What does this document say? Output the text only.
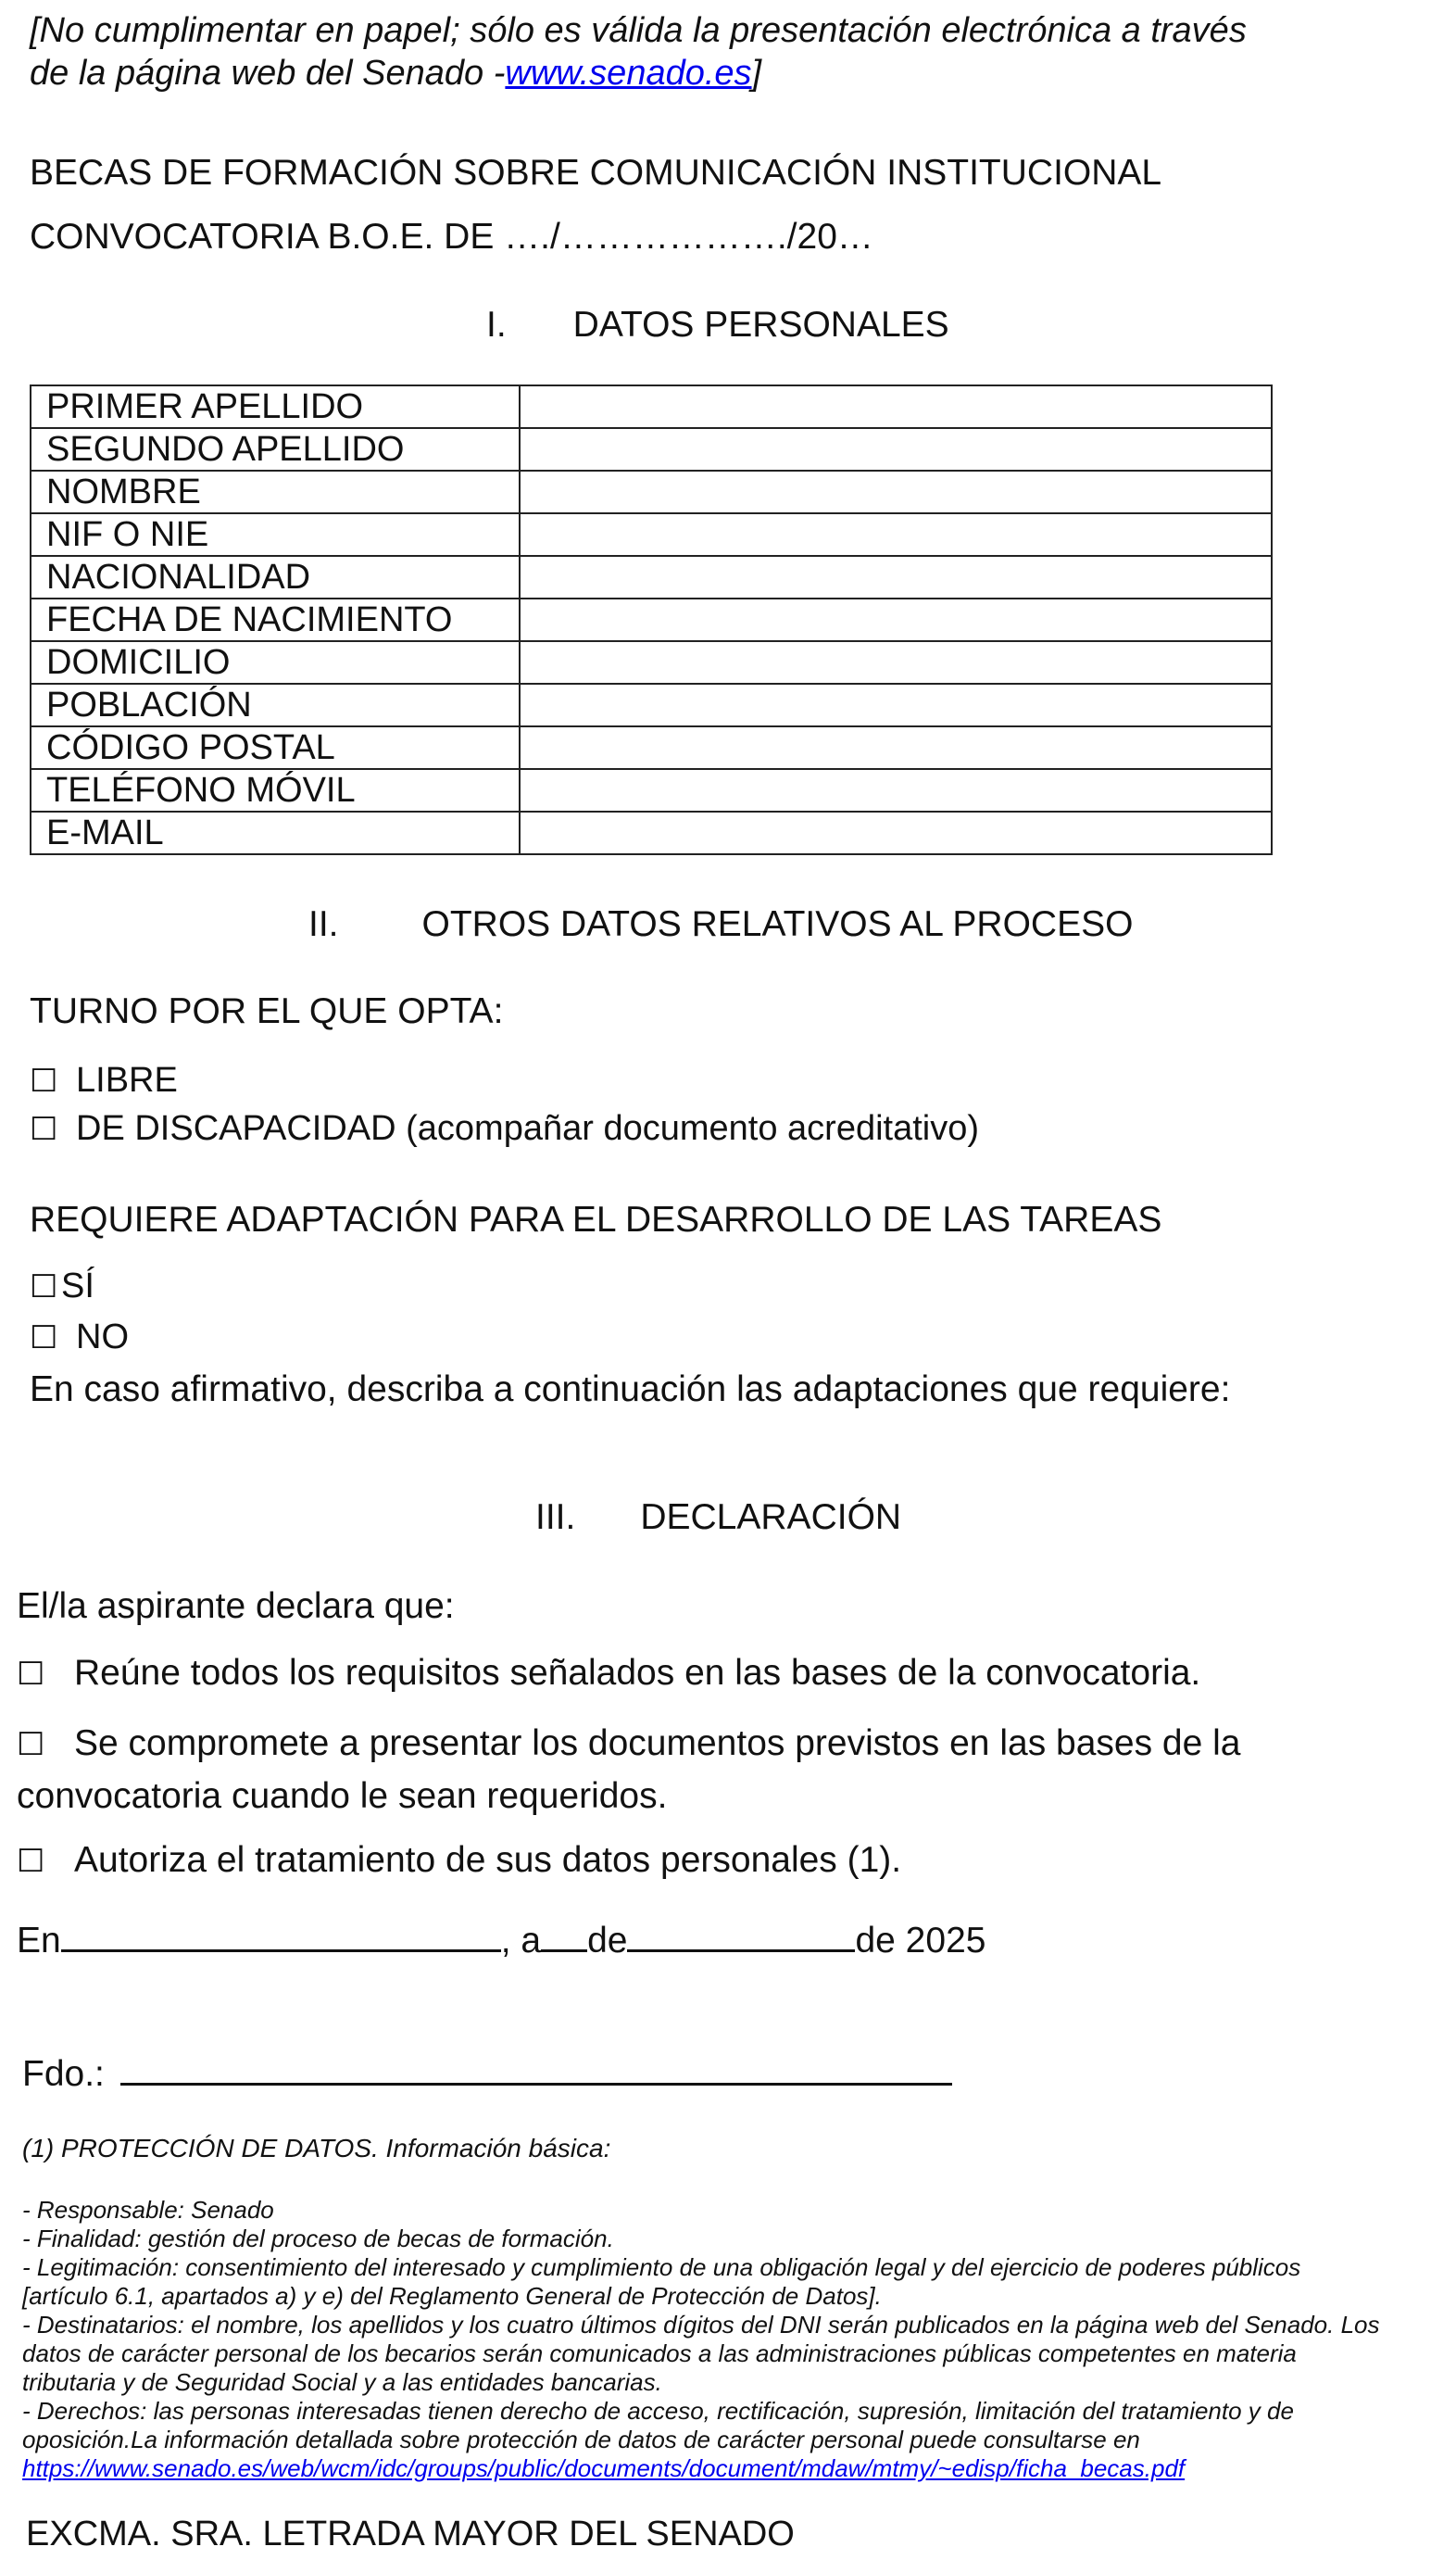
[No cumplimentar en papel; sólo es válida la presentación electrónica a través
de la página web del Senado -www.senado.es]
BECAS DE FORMACIÓN SOBRE COMUNICACIÓN INSTITUCIONAL
CONVOCATORIA B.O.E. DE …./………………./20…
I. DATOS PERSONALES
PRIMER APELLIDO	
SEGUNDO APELLIDO	
NOMBRE	
NIF O NIE	
NACIONALIDAD	
FECHA DE NACIMIENTO	
DOMICILIO	
POBLACIÓN	
CÓDIGO POSTAL	
TELÉFONO MÓVIL	
E-MAIL	
II. OTROS DATOS RELATIVOS AL PROCESO
TURNO POR EL QUE OPTA:
☐ LIBRE
☐ DE DISCAPACIDAD (acompañar documento acreditativo)
REQUIERE ADAPTACIÓN PARA EL DESARROLLO DE LAS TAREAS
☐SÍ
☐ NO
En caso afirmativo, describa a continuación las adaptaciones que requiere:
III. DECLARACIÓN
El/la aspirante declara que:
☐ Reúne todos los requisitos señalados en las bases de la convocatoria.
☐ Se compromete a presentar los documentos previstos en las bases de la
convocatoria cuando le sean requeridos.
☐ Autoriza el tratamiento de sus datos personales (1).
En	, a de	de 2025
Fdo.:
(1) PROTECCIÓN DE DATOS. Información básica:
- Responsable: Senado
- Finalidad: gestión del proceso de becas de formación.
- Legitimación: consentimiento del interesado y cumplimiento de una obligación legal y del ejercicio de poderes públicos
[artículo 6.1, apartados a) y e) del Reglamento General de Protección de Datos].
- Destinatarios: el nombre, los apellidos y los cuatro últimos dígitos del DNI serán publicados en la página web del Senado. Los
datos de carácter personal de los becarios serán comunicados a las administraciones públicas competentes en materia
tributaria y de Seguridad Social y a las entidades bancarias.
- Derechos: las personas interesadas tienen derecho de acceso, rectificación, supresión, limitación del tratamiento y de
oposición.La información detallada sobre protección de datos de carácter personal puede consultarse en
https://www.senado.es/web/wcm/idc/groups/public/documents/document/mdaw/mtmy/~edisp/ficha_becas.pdf
EXCMA. SRA. LETRADA MAYOR DEL SENADO
